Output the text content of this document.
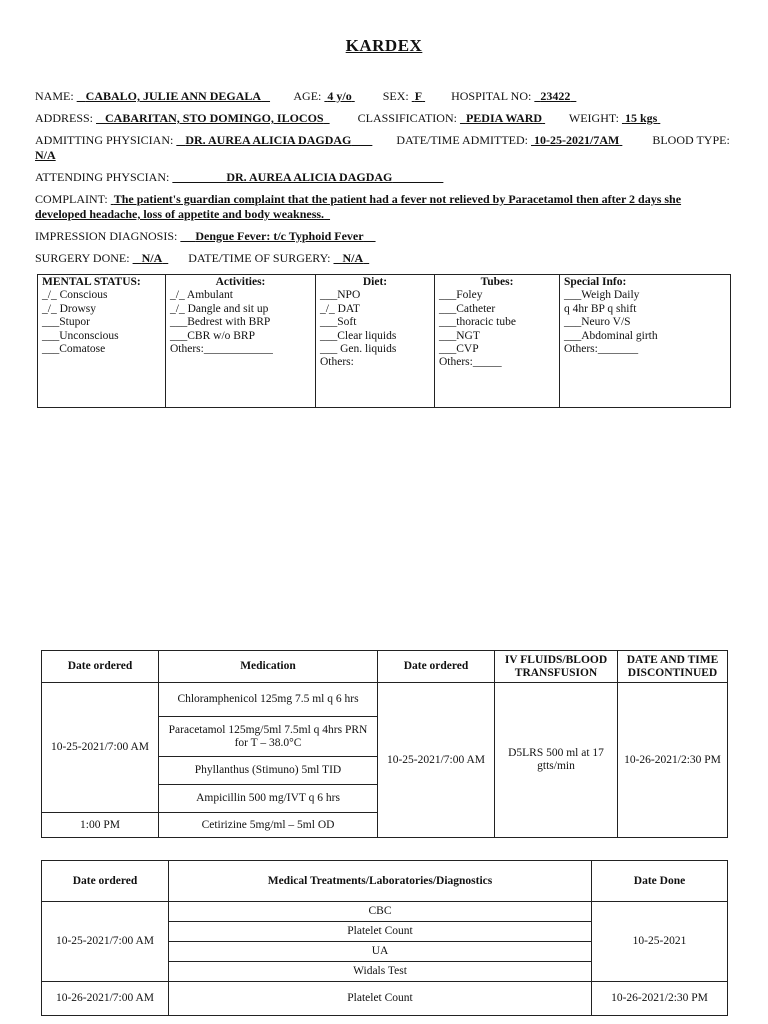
KARDEX
NAME: CABALO, JULIE ANN DEGALA	AGE: 4 y/o	SEX: F HOSPITAL NO: 23422
ADDRESS: CABARITAN, STO DOMINGO, ILOCOS	CLASSIFICATION: PEDIA WARD WEIGHT: 15 kgs
ADMITTING PHYSICIAN: DR. AUREA ALICIA DAGDAG	DATE/TIME ADMITTED: 10-25-2021/7AM	BLOOD TYPE:
N/A
ATTENDING PHYSCIAN:	DR. AUREA ALICIA DAGDAG
COMPLAINT: The patient's guardian complaint that the patient had a fever not relieved by Paracetamol then after 2 days she developed headache, loss of appetite and body weakness.
IMPRESSION DIAGNOSIS: Dengue Fever: t/c Typhoid Fever
SURGERY DONE: N/A DATE/TIME OF SURGERY: N/A
MENTAL STATUS:
_/_ Conscious
_/_ Drowsy
___Stupor
___Unconscious
___Comatose

Activities:
_/_ Ambulant
_/_ Dangle and sit up
___Bedrest with BRP
___CBR w/o BRP
Others:____________

Diet:
___NPO
_/_ DAT
___Soft
___Clear liquids
___ Gen. liquids
Others:

Tubes:
___Foley
___Catheter
___thoracic tube
___NGT
___CVP
Others:_____

Special Info:
___Weigh Daily
q 4hr BP q shift
___Neuro V/S
___Abdominal girth
Others:_______
Date ordered	Medication	Date ordered	IV FLUIDS/BLOOD TRANSFUSION	DATE AND TIME DISCONTINUED
10-25-2021/7:00 AM	Chloramphenicol 125mg 7.5 ml q 6 hrs	10-25-2021/7:00 AM	D5LRS 500 ml at 17 gtts/min	10-26-2021/2:30 PM
	Paracetamol 125mg/5ml 7.5ml q 4hrs PRN for T – 38.0°C			
	Phyllanthus (Stimuno) 5ml TID			
	Ampicillin 500 mg/IVT q 6 hrs			
1:00 PM	Cetirizine 5mg/ml – 5ml OD			
Date ordered	Medical Treatments/Laboratories/Diagnostics	Date Done
10-25-2021/7:00 AM	CBC	10-25-2021
	Platelet Count	
	UA	
	Widals Test	
10-26-2021/7:00 AM	Platelet Count	10-26-2021/2:30 PM
